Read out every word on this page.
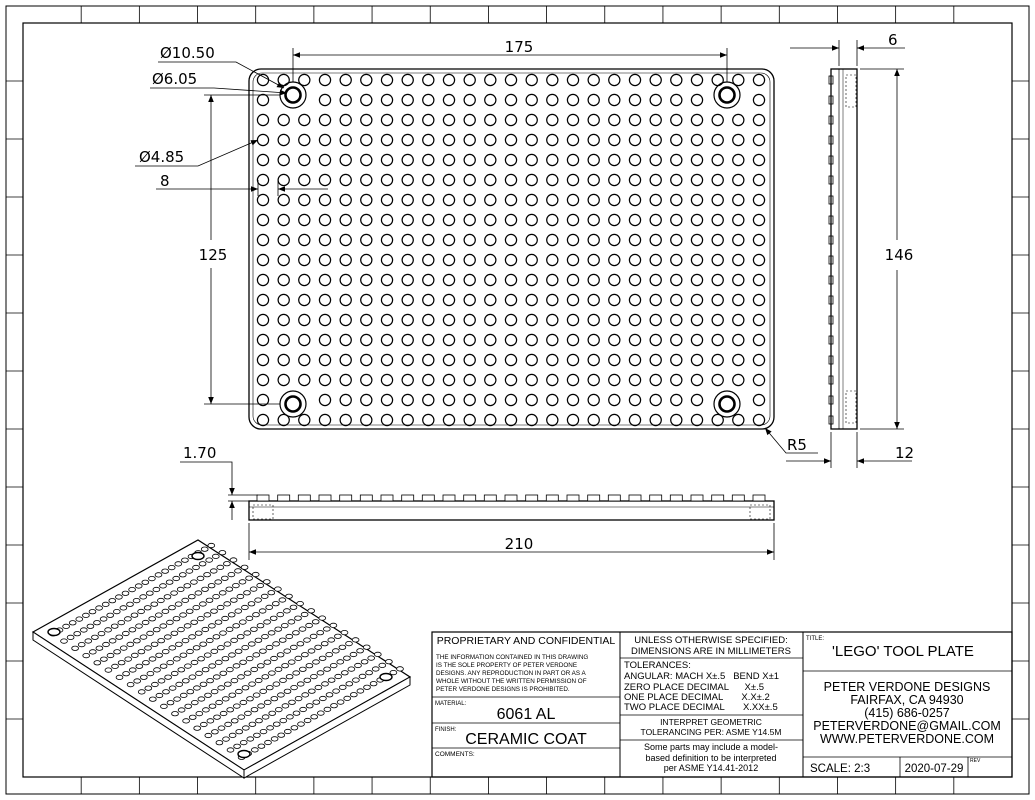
175
Ø10.50
Ø6.05
Ø4.85
8
125
R5
6
146
12
1.70
210
PROPRIETARY AND CONFIDENTIAL
THE INFORMATION CONTAINED IN THIS DRAWING
IS THE SOLE PROPERTY OF PETER VERDONE
DESIGNS. ANY REPRODUCTION IN PART OR AS A
WHOLE WITHOUT THE WRITTEN PERMISSION OF
PETER VERDONE DESIGNS IS PROHIBITED.
MATERIAL:
6061 AL
FINISH:
CERAMIC COAT
COMMENTS:
UNLESS OTHERWISE SPECIFIED:
DIMENSIONS ARE IN MILLIMETERS
TOLERANCES:
ANGULAR: MACH X±.5   BEND X±1
ZERO PLACE DECIMAL      X±.5
ONE PLACE DECIMAL       X.X±.2
TWO PLACE DECIMAL       X.XX±.5
INTERPRET GEOMETRIC
TOLERANCING PER: ASME Y14.5M
Some parts may include a model-
based definition to be interpreted
per ASME Y14.41-2012
TITLE:
'LEGO' TOOL PLATE
PETER VERDONE DESIGNS
FAIRFAX, CA 94930
(415) 686-0257
PETERVERDONE@GMAIL.COM
WWW.PETERVERDONE.COM
SCALE: 2:3	2020-07-29
REV
